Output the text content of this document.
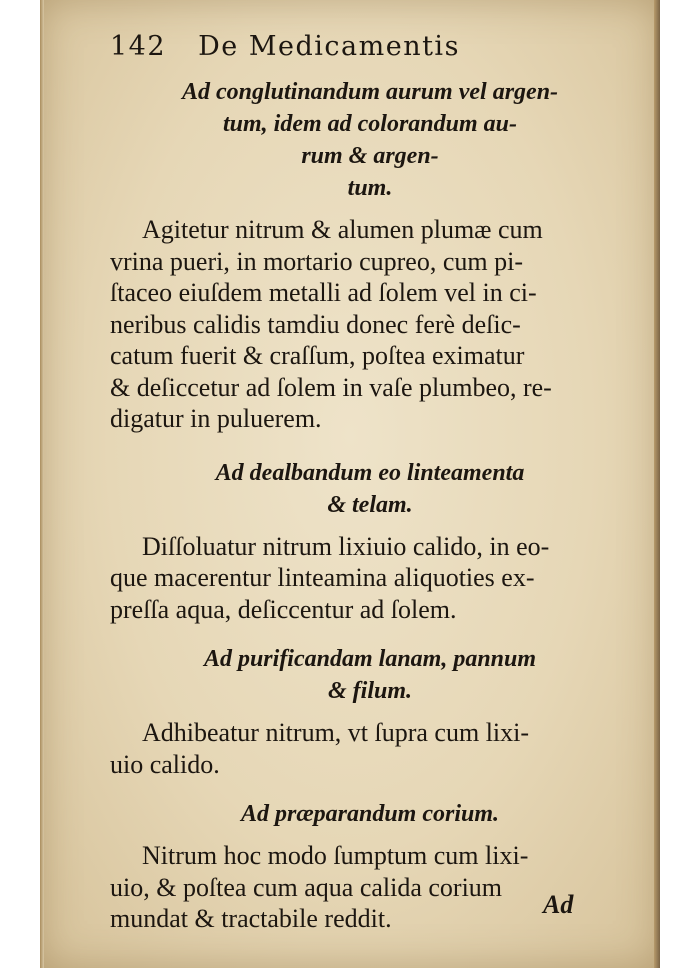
142 De Medicamentis
Ad conglutinandum aurum vel argen-
tum, idem ad colorandum au-
rum & argen-
tum.
Agitetur nitrum & alumen plumæ cum
vrina pueri, in mortario cupreo, cum pi-
ſtaceo eiuſdem metalli ad ſolem vel in ci-
neribus calidis tamdiu donec ferè deſic-
catum fuerit & craſſum, poſtea eximatur
& deſiccetur ad ſolem in vaſe plumbeo, re-
digatur in puluerem.
Ad dealbandum eo linteamenta
& telam.
Diſſoluatur nitrum lixiuio calido, in eo-
que macerentur linteamina aliquoties ex-
preſſa aqua, deſiccentur ad ſolem.
Ad purificandam lanam, pannum
& filum.
Adhibeatur nitrum, vt ſupra cum lixi-
uio calido.
Ad præparandum corium.
Nitrum hoc modo ſumptum cum lixi-
uio, & poſtea cum aqua calida corium
mundat & tractabile reddit.	Ad
